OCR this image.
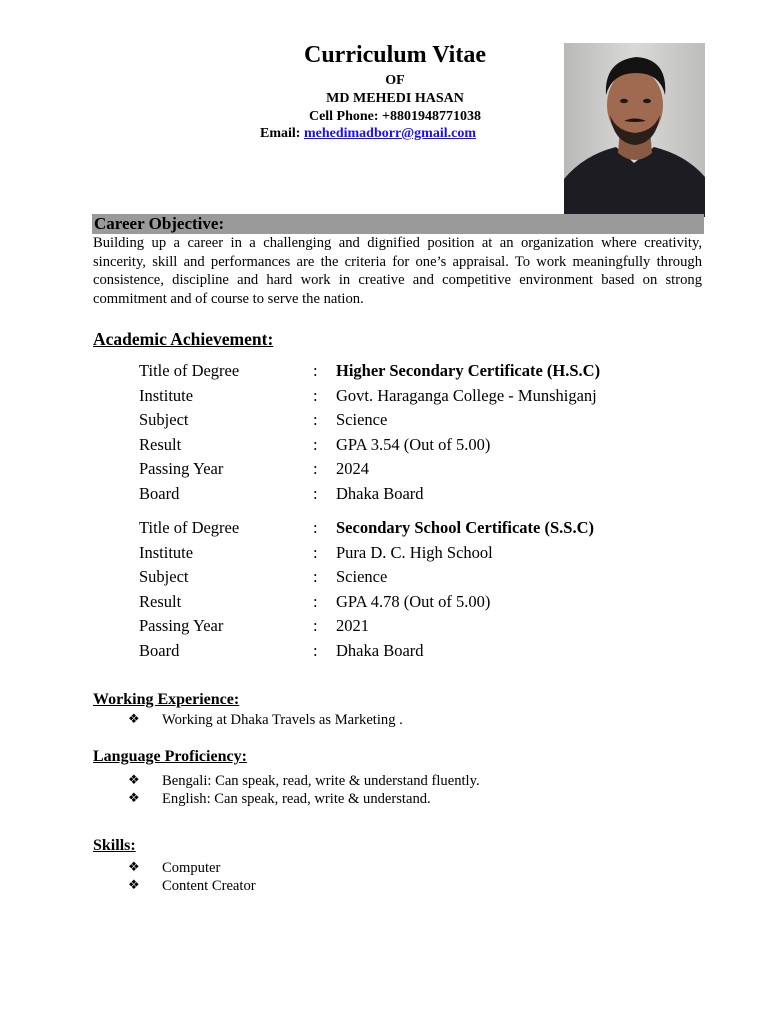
Curriculum Vitae
OF
MD MEHEDI HASAN
Cell Phone: +8801948771038
Email: mehedimadborr@gmail.com
Career Objective:

Building up a career in a challenging and dignified position at an organization where creativity, sincerity, skill and performances are the criteria for one’s appraisal. To work meaningfully through consistence, discipline and hard work in creative and competitive environment based on strong commitment and of course to serve the nation.

Academic Achievement:
Title of Degree	: Higher Secondary Certificate (H.S.C)
Institute	: Govt. Haraganga College - Munshiganj
Subject	: Science
Result	: GPA 3.54 (Out of 5.00)
Passing Year	: 2024
Board	: Dhaka Board
Title of Degree	: Secondary School Certificate (S.S.C)
Institute	: Pura D. C. High School
Subject	: Science
Result	: GPA 4.78 (Out of 5.00)
Passing Year	: 2021
Board	: Dhaka Board
Working Experience:
❖ Working at Dhaka Travels as Marketing .
Language Proficiency:
❖ Bengali: Can speak, read, write & understand fluently.
❖ English: Can speak, read, write & understand.
Skills:
❖ Computer
❖ Content Creator
